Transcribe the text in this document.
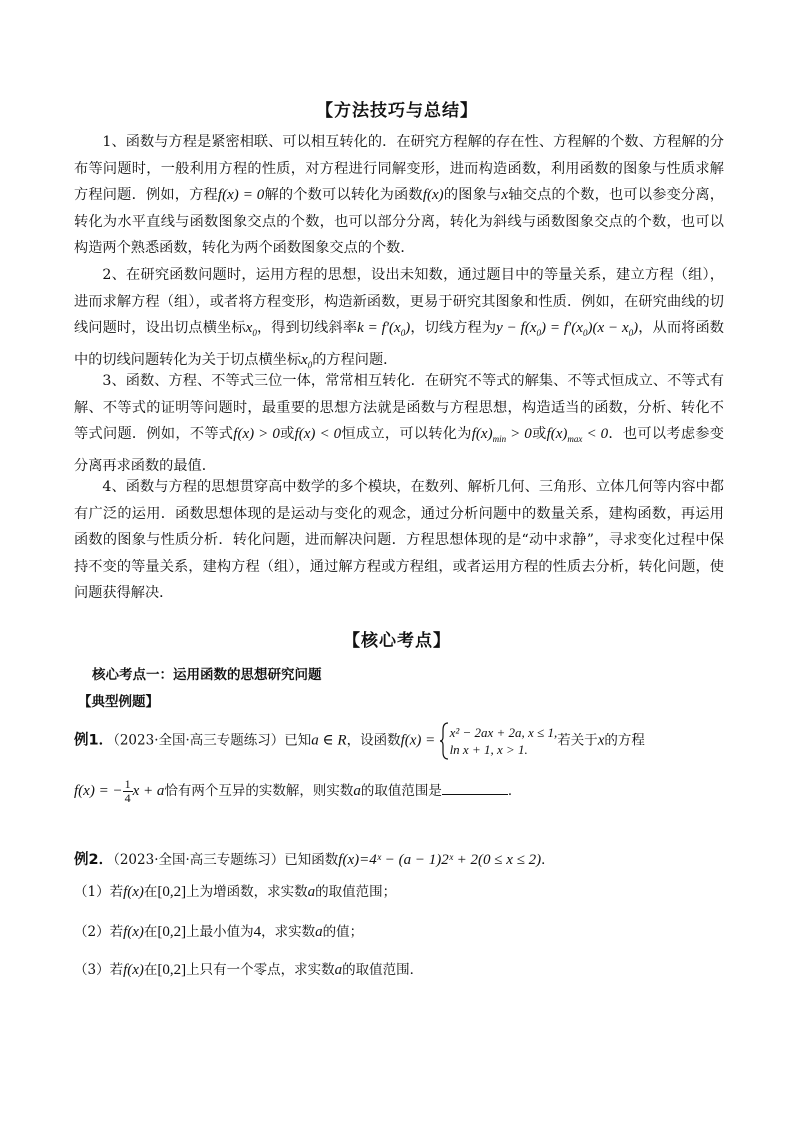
【方法技巧与总结】
1、函数与方程是紧密相联、可以相互转化的．在研究方程解的存在性、方程解的个数、方程解的分布等问题时，一般利用方程的性质，对方程进行同解变形，进而构造函数，利用函数的图象与性质求解方程问题．例如，方程f(x) = 0解的个数可以转化为函数f(x)的图象与x轴交点的个数，也可以参变分离，转化为水平直线与函数图象交点的个数，也可以部分分离，转化为斜线与函数图象交点的个数，也可以构造两个熟悉函数，转化为两个函数图象交点的个数．
2、在研究函数问题时，运用方程的思想，设出未知数，通过题目中的等量关系，建立方程（组），进而求解方程（组），或者将方程变形，构造新函数，更易于研究其图象和性质．例如，在研究曲线的切线问题时，设出切点横坐标$x_0$，得到切线斜率$k = f'(x_0)$，切线方程为$y - f(x_0) = f'(x_0)(x - x_0)$，从而将函数中的切线问题转化为关于切点横坐标$x_0$的方程问题．
3、函数、方程、不等式三位一体，常常相互转化．在研究不等式的解集、不等式恒成立、不等式有解、不等式的证明等问题时，最重要的思想方法就是函数与方程思想，构造适当的函数，分析、转化不等式问题．例如，不等式f(x) > 0或f(x) < 0恒成立，可以转化为$f(x)_{min} > 0$或$f(x)_{max} < 0$．也可以考虑参变分离再求函数的最值．
4、函数与方程的思想贯穿高中数学的多个模块，在数列、解析几何、三角形、立体几何等内容中都有广泛的运用．函数思想体现的是运动与变化的观念，通过分析问题中的数量关系，建构函数，再运用函数的图象与性质分析．转化问题，进而解决问题．方程思想体现的是“动中求静”，寻求变化过程中保持不变的等量关系，建构方程（组），通过解方程或方程组，或者运用方程的性质去分析，转化问题，使问题获得解决．
【核心考点】
核心考点一：运用函数的思想研究问题
【典型例题】
例1．（2023·全国·高三专题练习）已知a ∈ R，设函数f(x) = x² − 2ax + 2a, x ≤ 1,
ln x + 1, x > 1.
若关于x的方程
f(x) = − $\frac{1}{4}$ x + a恰有两个互异的实数解，则实数a的取值范围是	．
例2．（2023·全国·高三专题练习）已知函数f(x)=4ˣ − (a − 1)2ˣ + 2(0 ≤ x ≤ 2)．
（1）若f(x)在[0,2]上为增函数，求实数a的取值范围；
（2）若f(x)在[0,2]上最小值为4，求实数a的值；
（3）若f(x)在[0,2]上只有一个零点，求实数a的取值范围．
